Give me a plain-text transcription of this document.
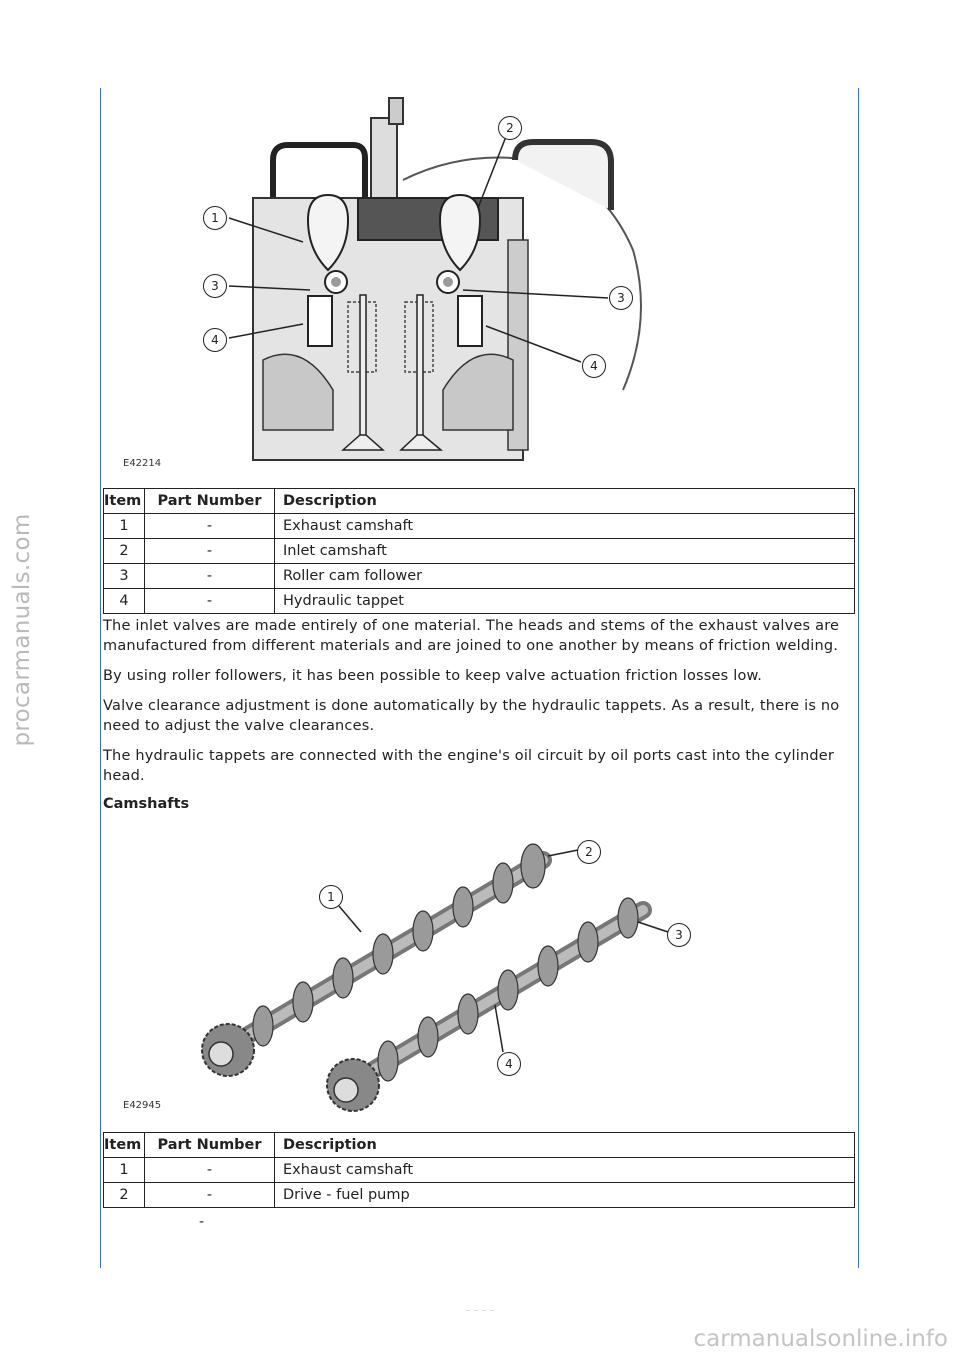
procarmanuals.com
1
2
3
3
4
4
E42214
Item	Part Number	Description
1	-	Exhaust camshaft
2	-	Inlet camshaft
3	-	Roller cam follower
4	-	Hydraulic tappet

The inlet valves are made entirely of one material. The heads and stems of the exhaust valves are manufactured from different materials and are joined to one another by means of friction welding.

By using roller followers, it has been possible to keep valve actuation friction losses low.

Valve clearance adjustment is done automatically by the hydraulic tappets. As a result, there is no need to adjust the valve clearances.

The hydraulic tappets are connected with the engine's oil circuit by oil ports cast into the cylinder head.

Camshafts
1
2
3
4
E42945
Item	Part Number	Description
1	-	Exhaust camshaft
2	-	Drive - fuel pump
-
- - - -
carmanualsonline.info
